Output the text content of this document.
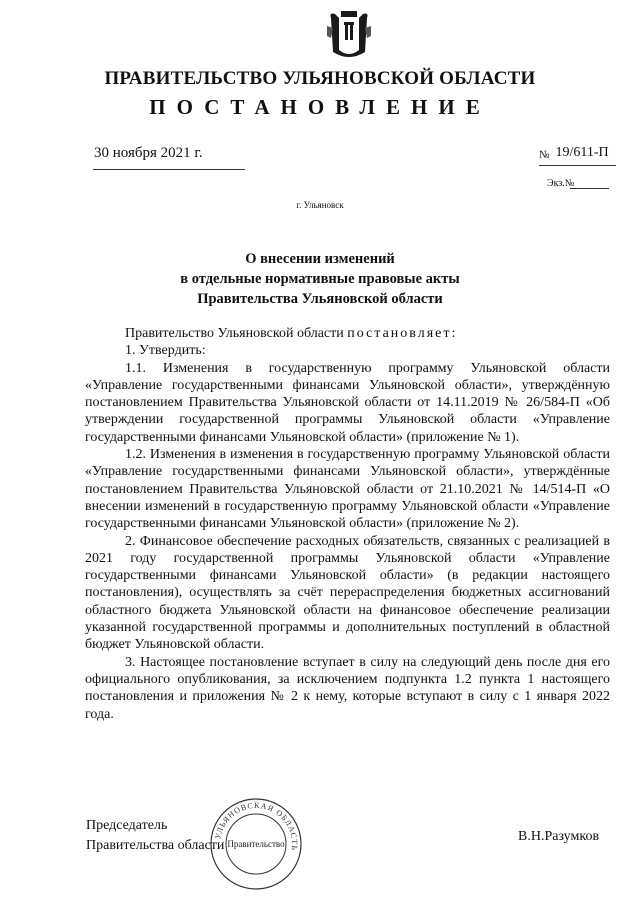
ПРАВИТЕЛЬСТВО УЛЬЯНОВСКОЙ ОБЛАСТИ
ПОСТАНОВЛЕНИЕ
30 ноября 2021 г.	№ 19/611-П
Экз.№
г. Ульяновск
О внесении изменений
в отдельные нормативные правовые акты
Правительства Ульяновской области

Правительство Ульяновской области постановляет:

1. Утвердить:

1.1. Изменения в государственную программу Ульяновской области «Управление государственными финансами Ульяновской области», утверждённую постановлением Правительства Ульяновской области от 14.11.2019 № 26/584-П «Об утверждении государственной программы Ульяновской области «Управление государственными финансами Ульяновской области» (приложение № 1).

1.2. Изменения в изменения в государственную программу Ульяновской области «Управление государственными финансами Ульяновской области», утверждённые постановлением Правительства Ульяновской области от 21.10.2021 № 14/514-П «О внесении изменений в государственную программу Ульяновской области «Управление государственными финансами Ульяновской области» (приложение № 2).

2. Финансовое обеспечение расходных обязательств, связанных с реализацией в 2021 году государственной программы Ульяновской области «Управление государственными финансами Ульяновской области» (в редакции настоящего постановления), осуществлять за счёт перераспределения бюджетных ассигнований областного бюджета Ульяновской области на финансовое обеспечение реализации указанной государственной программы и дополнительных поступлений в областной бюджет Ульяновской области.

3. Настоящее постановление вступает в силу на следующий день после дня его официального опубликования, за исключением подпункта 1.2 пункта 1 настоящего постановления и приложения № 2 к нему, которые вступают в силу с 1 января 2022 года.

Председатель
Правительства области
УЛЬЯНОВСКАЯ ОБЛАСТЬ
Правительство	В.Н.Разумков
